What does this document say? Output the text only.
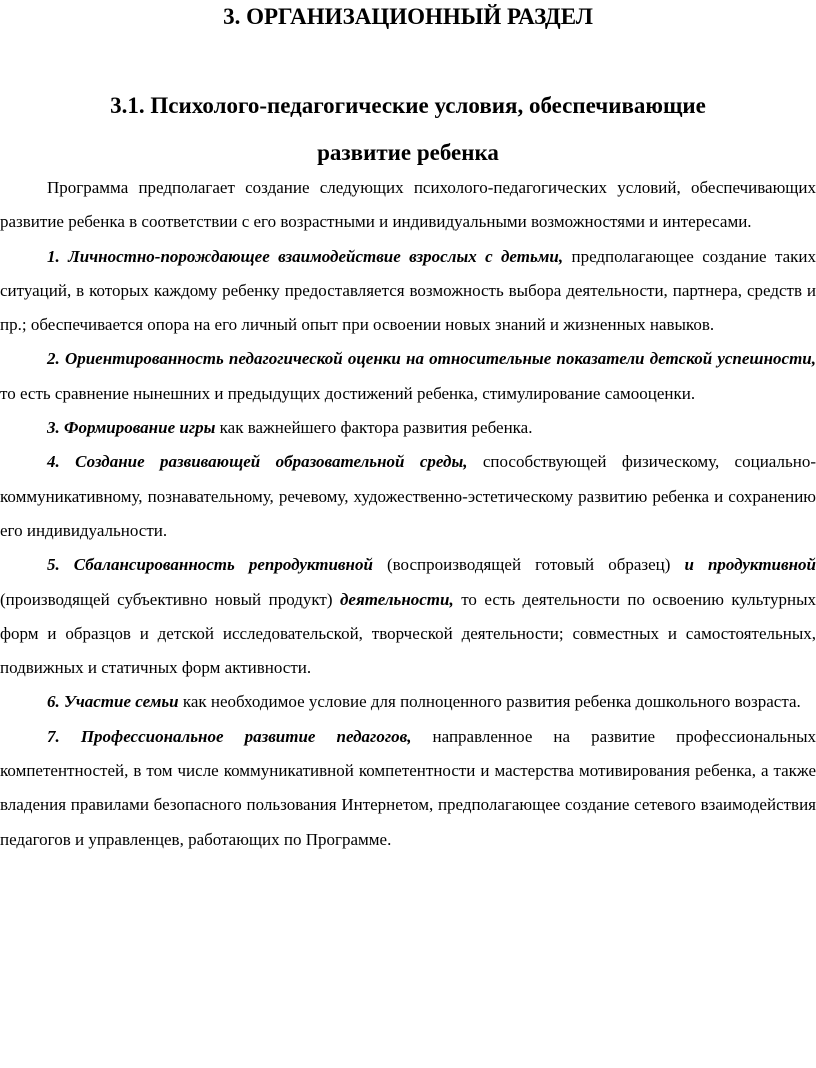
3. ОРГАНИЗАЦИОННЫЙ РАЗДЕЛ
3.1. Психолого-педагогические условия, обеспечивающие
развитие ребенка

Программа предполагает создание следующих психолого-педагогических условий, обеспечивающих развитие ребенка в соответствии с его возрастными и индивидуальными возможностями и интересами.

1. Личностно-порождающее взаимодействие взрослых с детьми, предполагающее создание таких ситуаций, в которых каждому ребенку предоставляется возможность выбора деятельности, партнера, средств и пр.; обеспечивается опора на его личный опыт при освоении новых знаний и жизненных навыков.

2. Ориентированность педагогической оценки на относительные показатели детской успешности, то есть сравнение нынешних и предыдущих достижений ребенка, стимулирование самооценки.

3. Формирование игры как важнейшего фактора развития ребенка.

4. Создание развивающей образовательной среды, способствующей физическому, социально-коммуникативному, познавательному, речевому, художественно-эстетическому развитию ребенка и сохранению его индивидуальности.

5. Сбалансированность репродуктивной (воспроизводящей готовый образец) и продуктивной (производящей субъективно новый продукт) деятельности, то есть деятельности по освоению культурных форм и образцов и детской исследовательской, творческой деятельности; совместных и самостоятельных, подвижных и статичных форм активности.

6. Участие семьи как необходимое условие для полноценного развития ребенка дошкольного возраста.

7. Профессиональное развитие педагогов, направленное на развитие профессиональных компетентностей, в том числе коммуникативной компетентности и мастерства мотивирования ребенка, а также владения правилами безопасного пользования Интернетом, предполагающее создание сетевого взаимодействия педагогов и управленцев, работающих по Программе.
